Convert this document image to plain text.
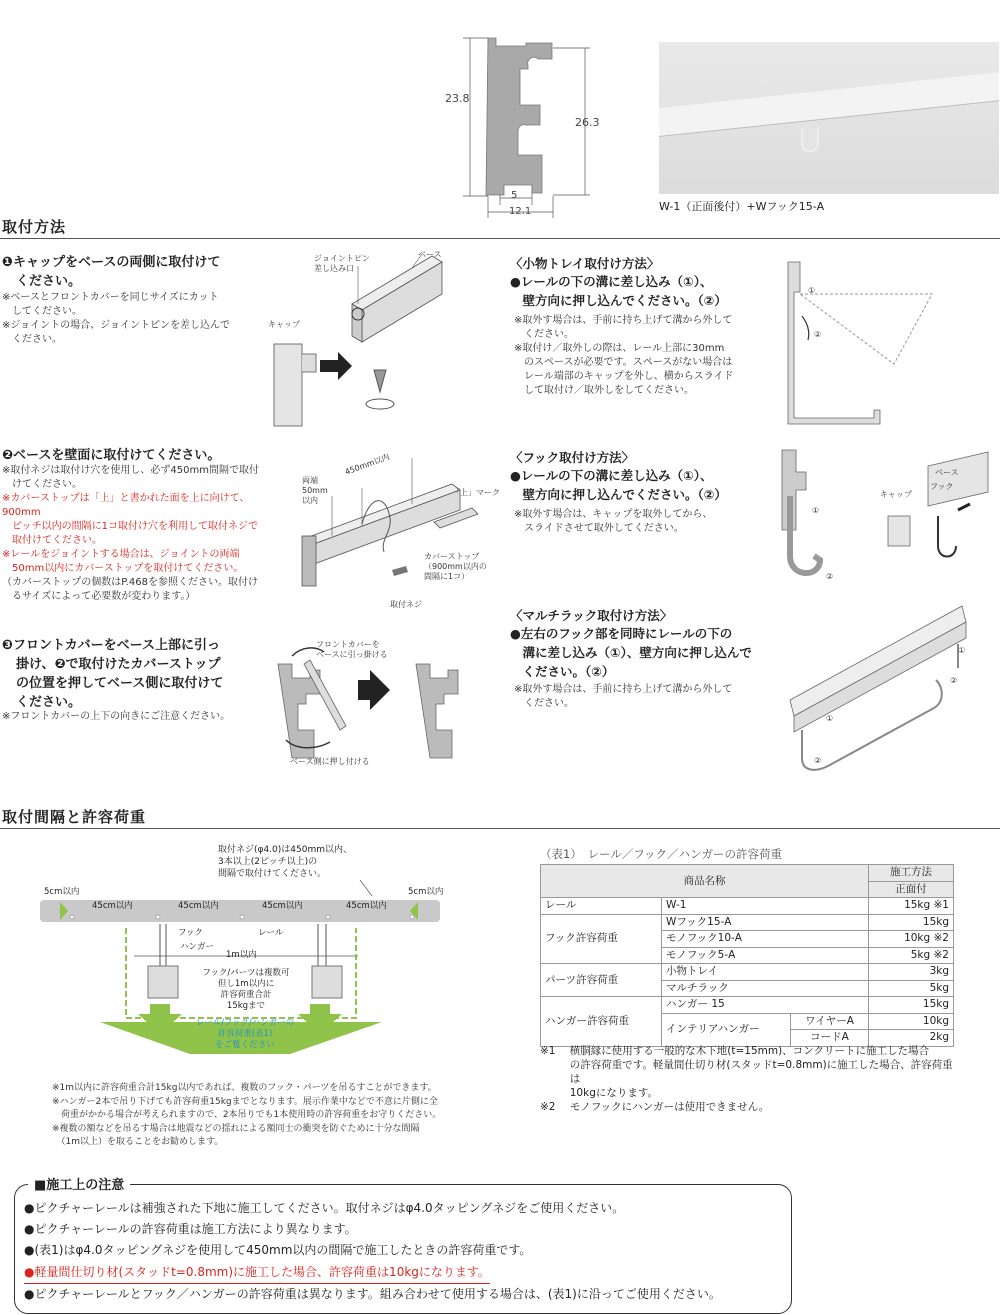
23.8
26.3
5
12.1	W-1（正面後付）+Wフック15-A
取付方法
❶キャップをベースの両側に取付けて
ください。
※ベースとフロントカバーを同じサイズにカット
　してください。
※ジョイントの場合、ジョイントピンを差し込んで
　ください。
ジョイントピン
差し込み口
ベース
キャップ
❷ベースを壁面に取付けてください。
※取付ネジは取付け穴を使用し、必ず450mm間隔で取付
　けてください。
※カバーストップは「上」と書かれた面を上に向けて、900mm
　ピッチ以内の間隔に1コ取付け穴を利用して取付ネジで
　取付けてください。
※レールをジョイントする場合は、ジョイントの両端
　50mm以内にカバーストップを取付けてください。
（カバーストップの個数はP.468を参照ください。取付け
　るサイズによって必要数が変わります。）
両端
50mm
以内
450mm以内
「上」マーク
カバーストップ
（900mm以内の
間隔に1コ）
取付ネジ
❸フロントカバーをベース上部に引っ
掛け、❷で取付けたカバーストップ
の位置を押してベース側に取付けて
ください。
※フロントカバーの上下の向きにご注意ください。
フロントカバーを
ベースに引っ掛ける
ベース側に押し付ける
〈小物トレイ取付け方法〉
●レールの下の溝に差し込み（①）、
　壁方向に押し込んでください。（②）
※取外す場合は、手前に持ち上げて溝から外して
　ください。
※取付け／取外しの際は、レール上部に30mm
　のスペースが必要です。スペースがない場合は
　レール端部のキャップを外し、横からスライド
　して取付け／取外しをしてください。
①
②
〈フック取付け方法〉
●レールの下の溝に差し込み（①）、
　壁方向に押し込んでください。（②）
※取外す場合は、キャップを取外してから、
　スライドさせて取外してください。
ベース
フック
キャップ
①
②
〈マルチラック取付け方法〉
●左右のフック部を同時にレールの下の
　溝に差し込み（①）、壁方向に押し込んで
　ください。（②）
※取外す場合は、手前に持ち上げて溝から外して
　ください。
①
②
①
②
取付間隔と許容荷重
取付ネジ(φ4.0)は450mm以内、
3本以上(2ピッチ以上)の
間隔で取付けてください。
5cm以内	5cm以内
45cm以内	45cm以内	45cm以内	45cm以内
フック
ハンガー
レール
1m以内
フック/パーツは複数可
但し1m以内に
許容荷重合計
15kgまで
レール/フック/ハンガーの
許容荷重(表1)
をご覧ください
※1m以内に許容荷重合計15kg以内であれば、複数のフック・パーツを吊るすことができます。
※ハンガー2本で吊り下げても許容荷重15kgまでとなります。展示作業中などで不意に片側に全
　荷重がかかる場合が考えられますので、2本吊りでも1本使用時の許容荷重をお守りください。
※複数の額などを吊るす場合は地震などの揺れによる額同士の衝突を防ぐために十分な間隔
　（1m以上）を取ることをお勧めします。
（表1）　レール／フック／ハンガーの許容荷重
商品名称			施工方法
			正面付
レール	W-1		15kg ※1
フック許容荷重	Wフック15-A		15kg
	モノフック10-A		10kg ※2
	モノフック5-A		5kg ※2
パーツ許容荷重	小物トレイ		3kg
	マルチラック		5kg
ハンガー許容荷重	ハンガー 15		15kg
	インテリアハンガー	ワイヤーA	10kg
		コードA	2kg
※1	横胴縁に使用する一般的な木下地(t=15mm)、コンクリートに施工した場合
の許容荷重です。軽量間仕切り材(スタッドt=0.8mm)に施工した場合、許容荷重は
10kgになります。
※2	モノフックにハンガーは使用できません。
■施工上の注意
●ピクチャーレールは補強された下地に施工してください。取付ネジはφ4.0タッピングネジをご使用ください。
●ピクチャーレールの許容荷重は施工方法により異なります。
●(表1)はφ4.0タッピングネジを使用して450mm以内の間隔で施工したときの許容荷重です。
●軽量間仕切り材(スタッドt=0.8mm)に施工した場合、許容荷重は10kgになります。
●ピクチャーレールとフック／ハンガーの許容荷重は異なります。組み合わせて使用する場合は、(表1)に沿ってご使用ください。
